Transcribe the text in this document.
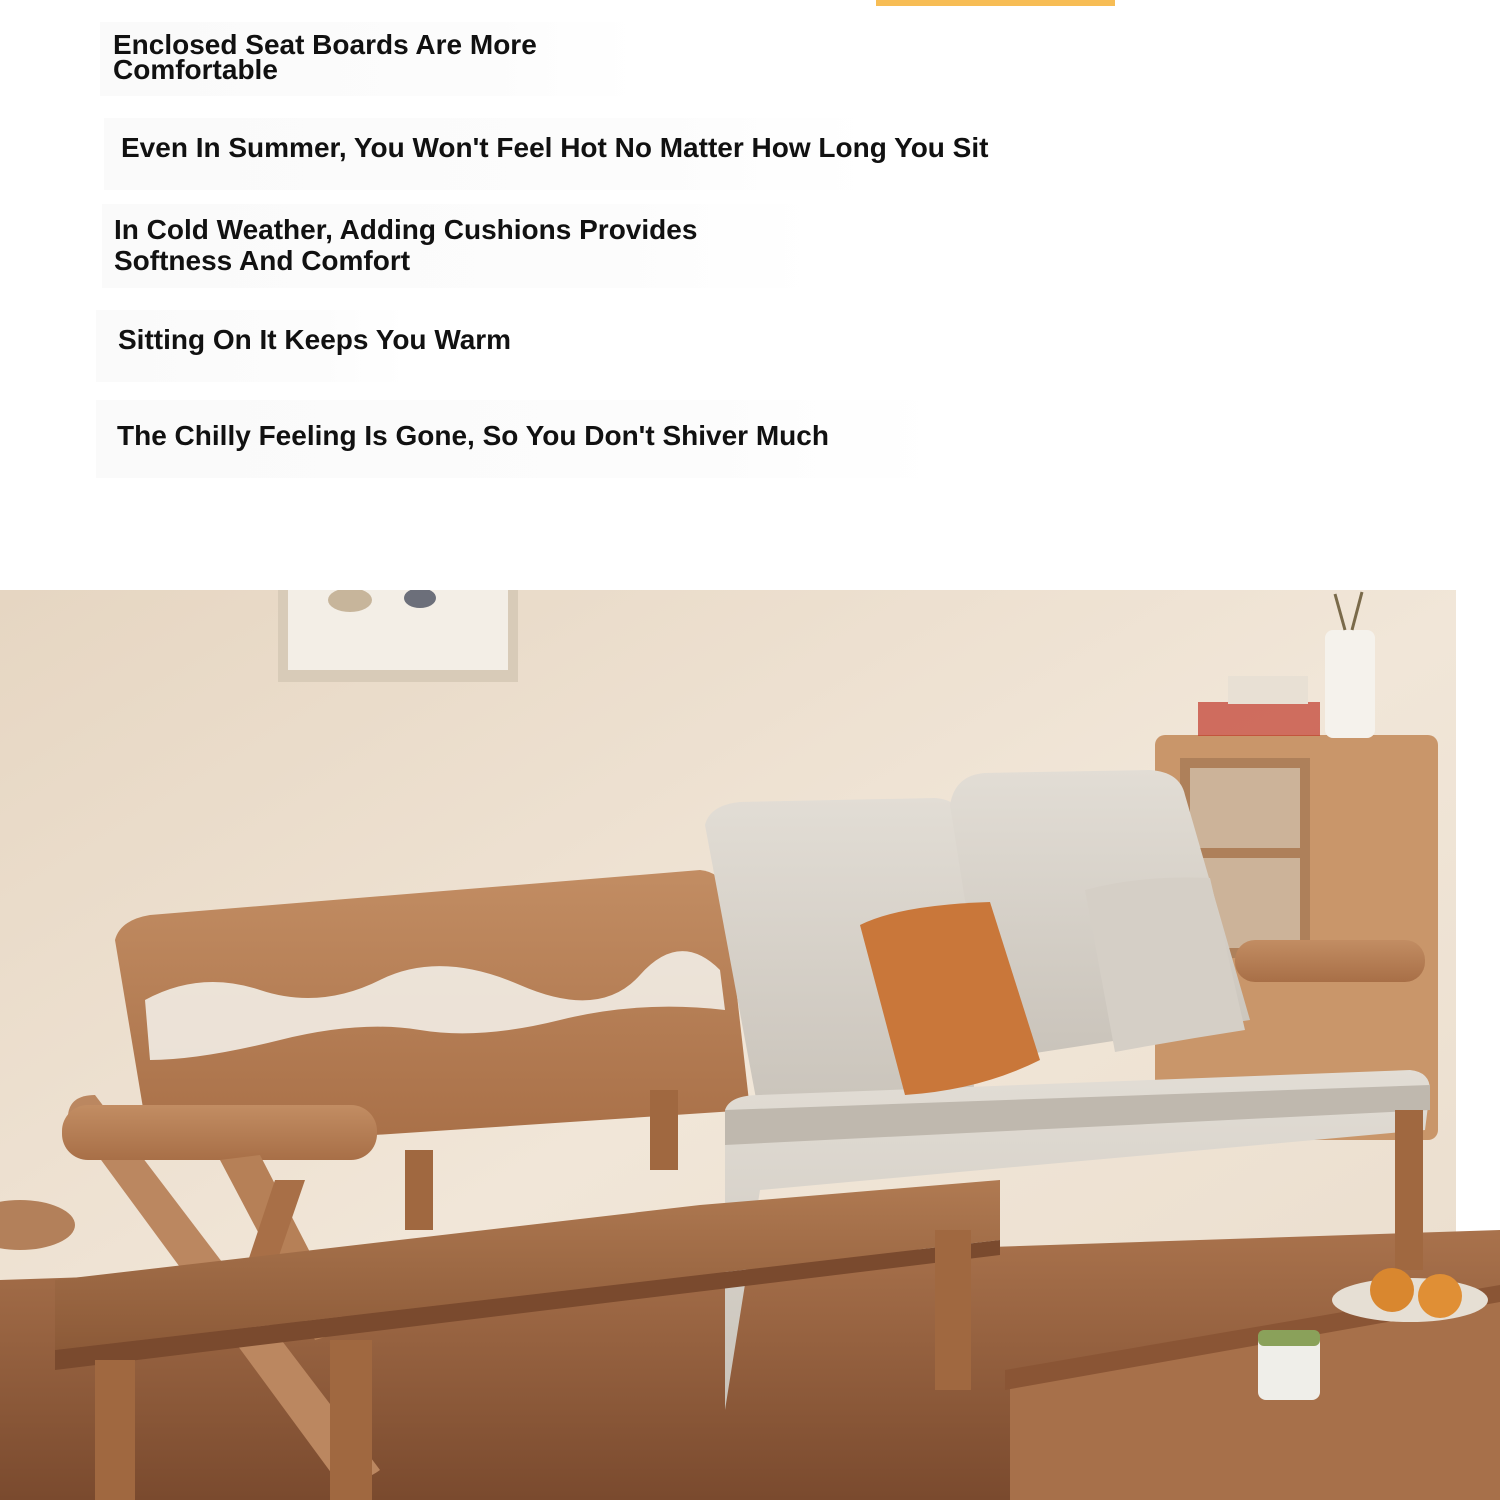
Enclosed Seat Boards Are More Comfortable

Even In Summer, You Won't Feel Hot No Matter How Long You Sit

In Cold Weather, Adding Cushions Provides Softness And Comfort

Sitting On It Keeps You Warm

The Chilly Feeling Is Gone, So You Don't Shiver Much
